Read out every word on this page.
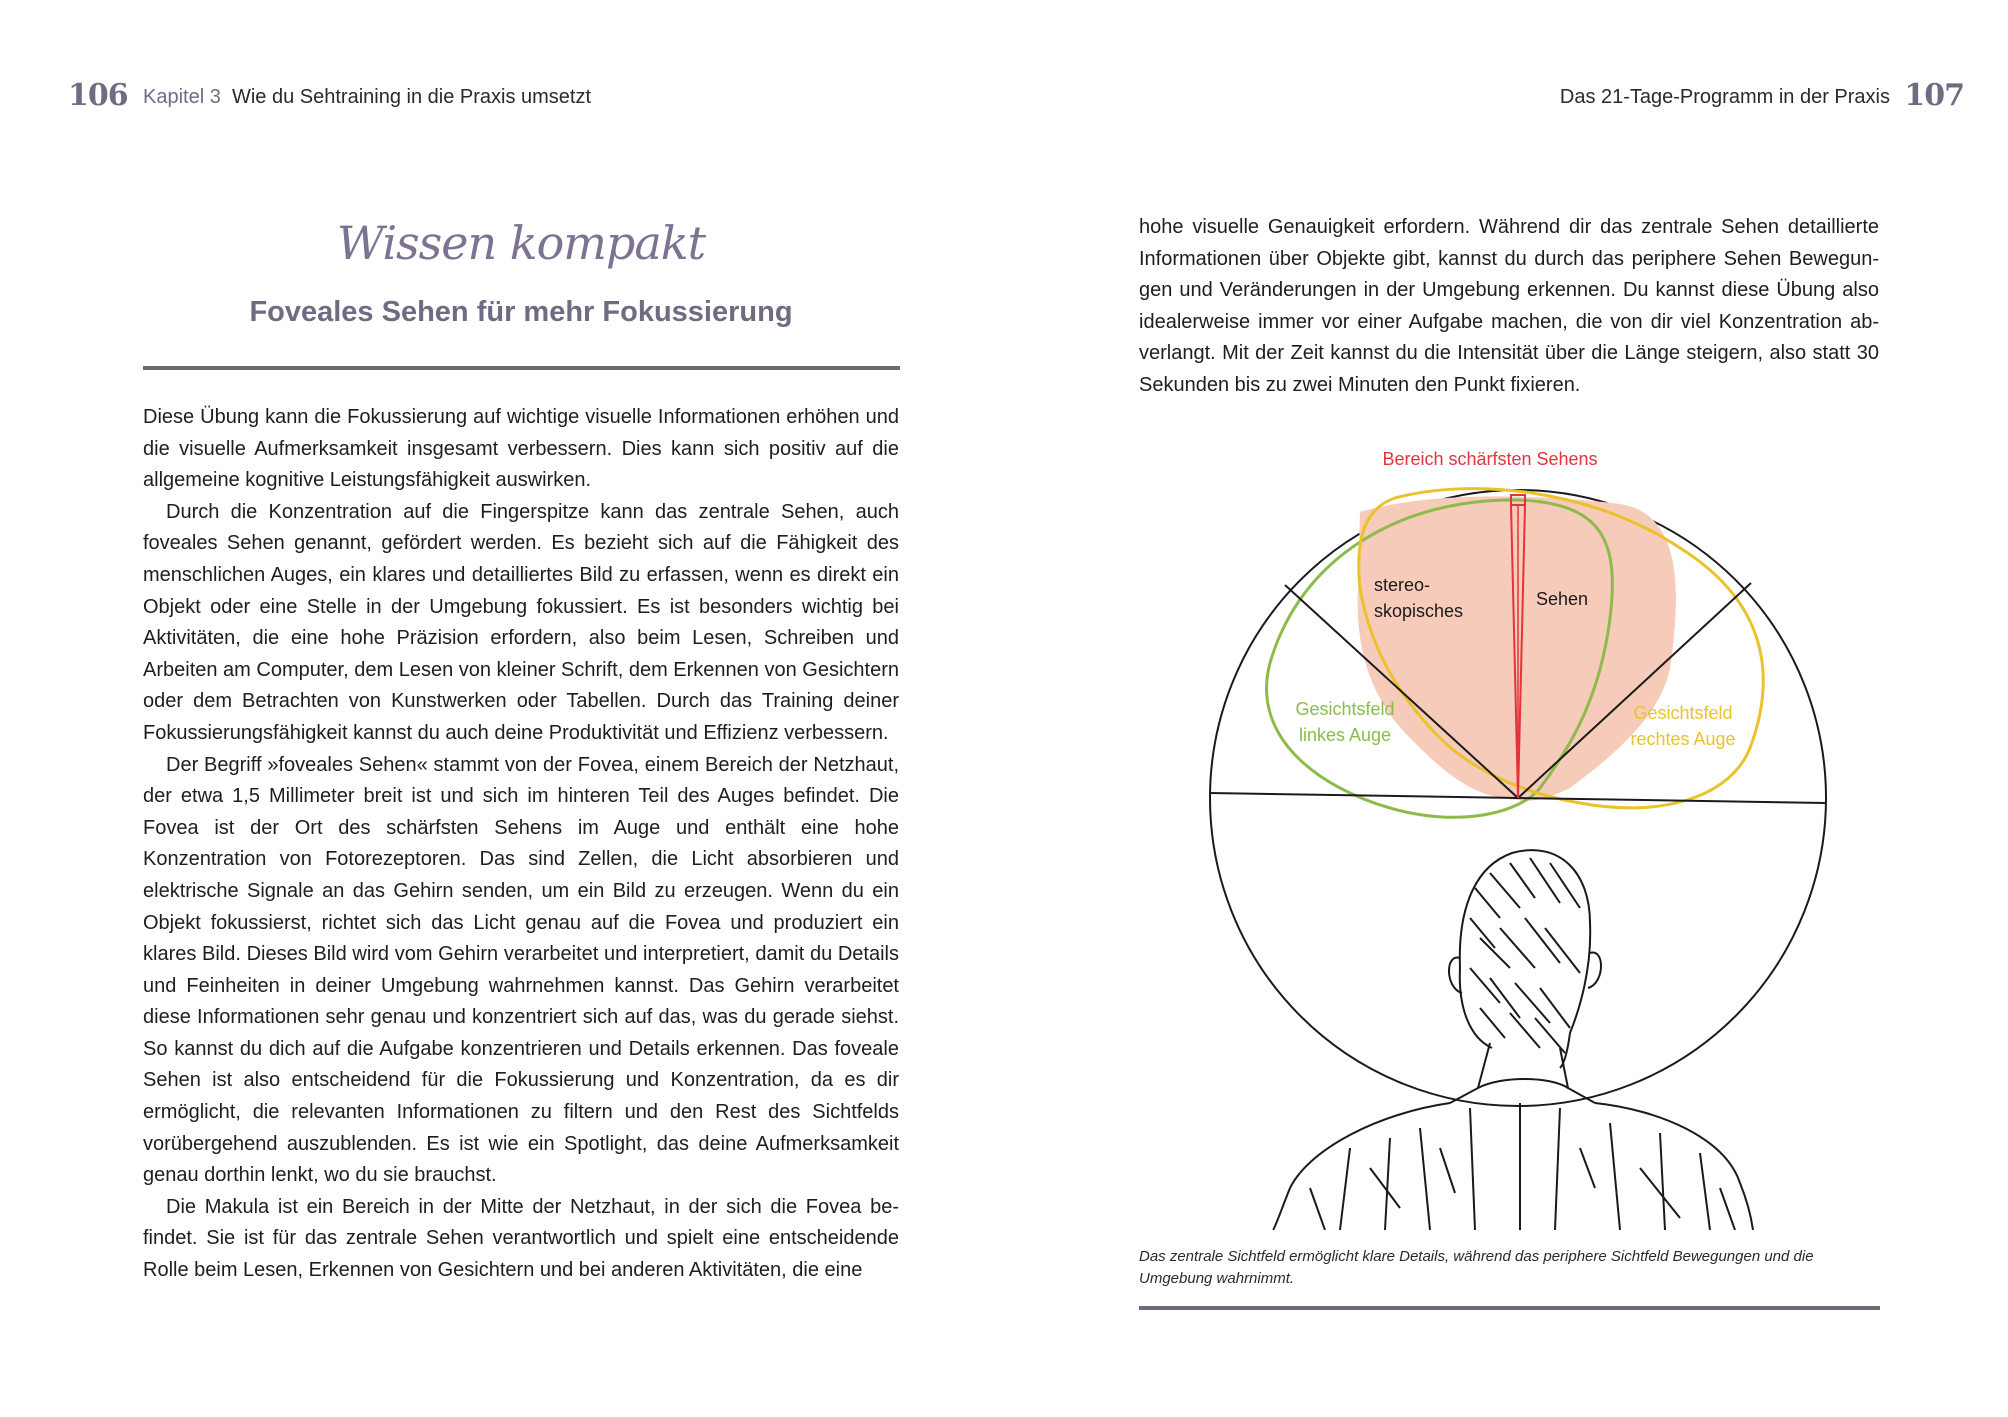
106 Kapitel 3 Wie du Sehtraining in die Praxis umsetzt	Das 21-Tage-Programm in der Praxis 107
Wissen kompakt
Foveales Sehen für mehr Fokussierung

Diese Übung kann die Fokussierung auf wichtige visuelle Informationen erhöhen und die visuelle Aufmerksamkeit insgesamt verbessern. Dies kann sich positiv auf die allgemeine kognitive Leistungsfähigkeit auswirken.

Durch die Konzentration auf die Fingerspitze kann das zentrale Sehen, auch foveales Sehen genannt, gefördert werden. Es bezieht sich auf die Fähigkeit des menschlichen Auges, ein klares und detailliertes Bild zu erfassen, wenn es direkt ein Objekt oder eine Stelle in der Umgebung fokussiert. Es ist besonders wichtig bei Aktivitäten, die eine hohe Präzision erfordern, also beim Lesen, Schreiben und Arbeiten am Computer, dem Lesen von kleiner Schrift, dem Erkennen von Gesichtern oder dem Betrachten von Kunstwerken oder Tabellen. Durch das Training deiner Fokussierungsfähigkeit kannst du auch deine Produktivität und Effizienz verbessern.

Der Begriff »foveales Sehen« stammt von der Fovea, einem Bereich der Netzhaut, der etwa 1,5 Millimeter breit ist und sich im hinteren Teil des Auges befindet. Die Fovea ist der Ort des schärfsten Sehens im Auge und enthält eine hohe Konzentration von Fotorezeptoren. Das sind Zellen, die Licht absorbieren und elektrische Signale an das Gehirn senden, um ein Bild zu erzeugen. Wenn du ein Objekt fokussierst, richtet sich das Licht genau auf die Fovea und produziert ein klares Bild. Dieses Bild wird vom Gehirn verarbeitet und interpretiert, damit du Details und Feinheiten in deiner Umgebung wahrnehmen kannst. Das Gehirn verarbeitet diese Informationen sehr genau und konzentriert sich auf das, was du gerade siehst. So kannst du dich auf die Aufgabe konzentrieren und Details erkennen. Das foveale Sehen ist also entscheidend für die Fokussierung und Konzentration, da es dir ermöglicht, die relevanten Informationen zu filtern und den Rest des Sichtfelds vorübergehend auszublenden. Es ist wie ein Spotlight, das deine Aufmerksamkeit genau dorthin lenkt, wo du sie brauchst.

Die Makula ist ein Bereich in der Mitte der Netzhaut, in der sich die Fovea befindet. Sie ist für das zentrale Sehen verantwortlich und spielt eine entscheidende Rolle beim Lesen, Erkennen von Gesichtern und bei anderen Aktivitäten, die eine

hohe visuelle Genauigkeit erfordern. Während dir das zentrale Sehen detaillierte Informationen über Objekte gibt, kannst du durch das periphere Sehen Bewegungen und Veränderungen in der Umgebung erkennen. Du kannst diese Übung also idealerweise immer vor einer Aufgabe machen, die von dir viel Konzentration abverlangt. Mit der Zeit kannst du die Intensität über die Länge steigern, also statt 30 Sekunden bis zu zwei Minuten den Punkt fixieren.

Bereich schärfsten Sehens
stereo-
skopisches
Sehen
Gesichtsfeld
linkes Auge
Gesichtsfeld
rechtes Auge
Das zentrale Sichtfeld ermöglicht klare Details, während das periphere Sichtfeld Bewegungen und die Umgebung wahrnimmt.
